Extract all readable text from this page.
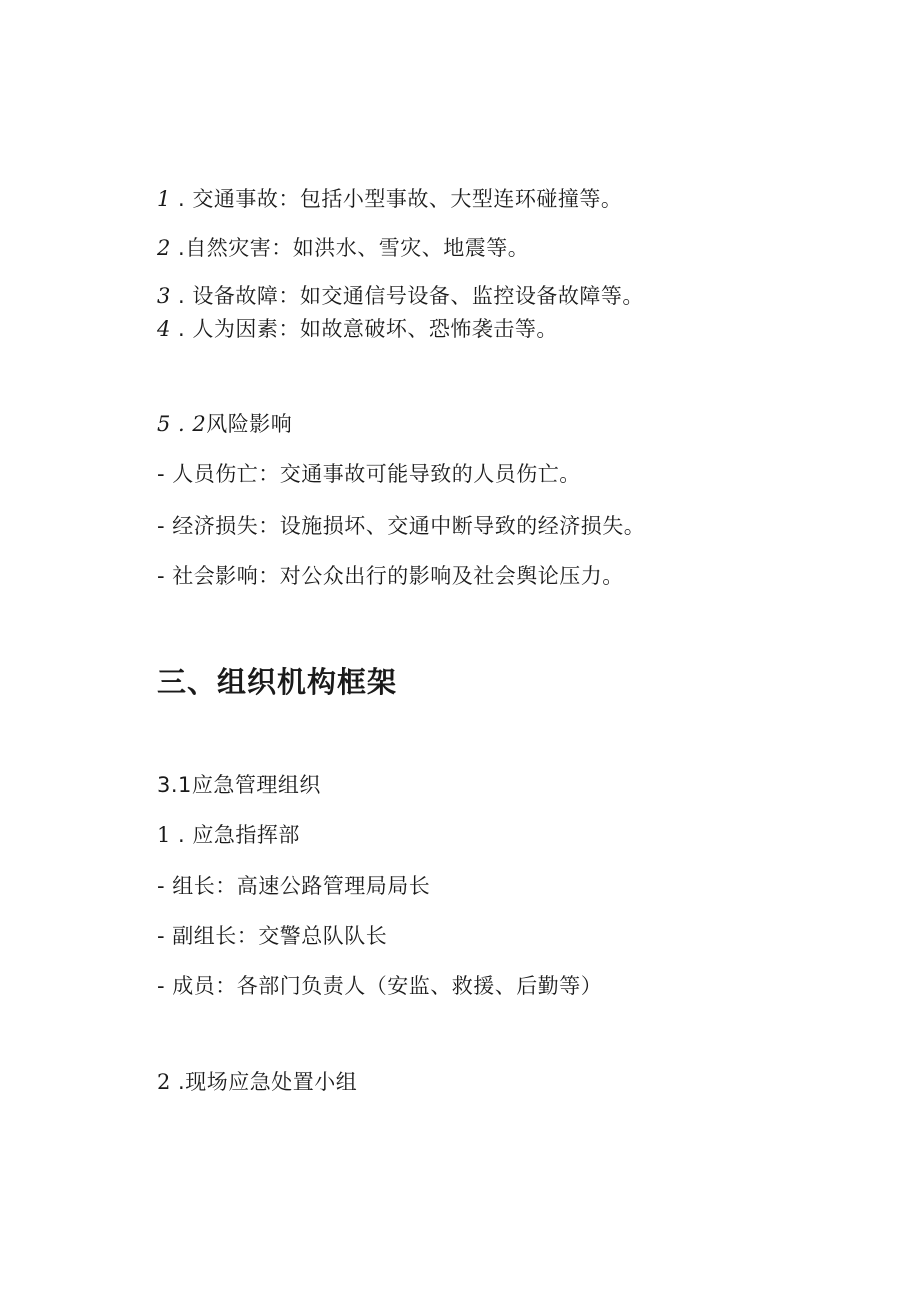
1 . 交通事故：包括小型事故、大型连环碰撞等。
2 .自然灾害：如洪水、雪灾、地震等。
3 . 设备故障：如交通信号设备、监控设备故障等。
4 . 人为因素：如故意破坏、恐怖袭击等。
5 . 2风险影响
- 人员伤亡：交通事故可能导致的人员伤亡。
- 经济损失：设施损坏、交通中断导致的经济损失。
- 社会影响：对公众出行的影响及社会舆论压力。
三、组织机构框架
3.1应急管理组织
1 . 应急指挥部
- 组长：高速公路管理局局长
- 副组长：交警总队队长
- 成员：各部门负责人（安监、救援、后勤等）
2 .现场应急处置小组
